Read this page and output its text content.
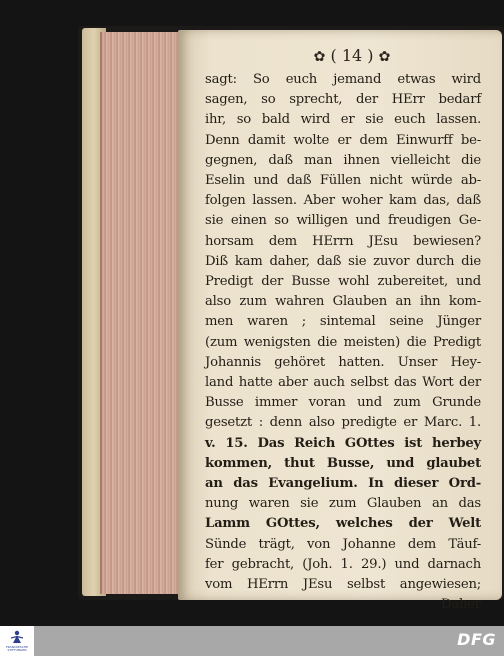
✿ ( 14 ) ✿
sagt: So euch jemand etwas wird
sagen, so sprecht, der HErr bedarf
ihr, so bald wird er sie euch lassen.
Denn damit wolte er dem Einwurff be-
gegnen, daß man ihnen vielleicht die
Eselin und daß Füllen nicht würde ab-
folgen lassen. Aber woher kam das, daß
sie einen so willigen und freudigen Ge-
horsam dem HErrn JEsu bewiesen?
Diß kam daher, daß sie zuvor durch die
Predigt der Busse wohl zubereitet, und
also zum wahren Glauben an ihn kom-
men waren ; sintemal seine Jünger
(zum wenigsten die meisten) die Predigt
Johannis gehöret hatten. Unser Hey-
land hatte aber auch selbst das Wort der
Busse immer voran und zum Grunde
gesetzt : denn also predigte er Marc. 1.
v. 15. Das Reich GOttes ist herbey
kommen, thut Busse, und glaubet
an das Evangelium. In dieser Ord-
nung waren sie zum Glauben an das
Lamm GOttes, welches der Welt
Sünde trägt, von Johanne dem Täuf-
fer gebracht, (Joh. 1. 29.) und darnach
vom HErrn JEsu selbst angewiesen;
Daher
FRANCKESCHE STIFTUNGEN
DFG
